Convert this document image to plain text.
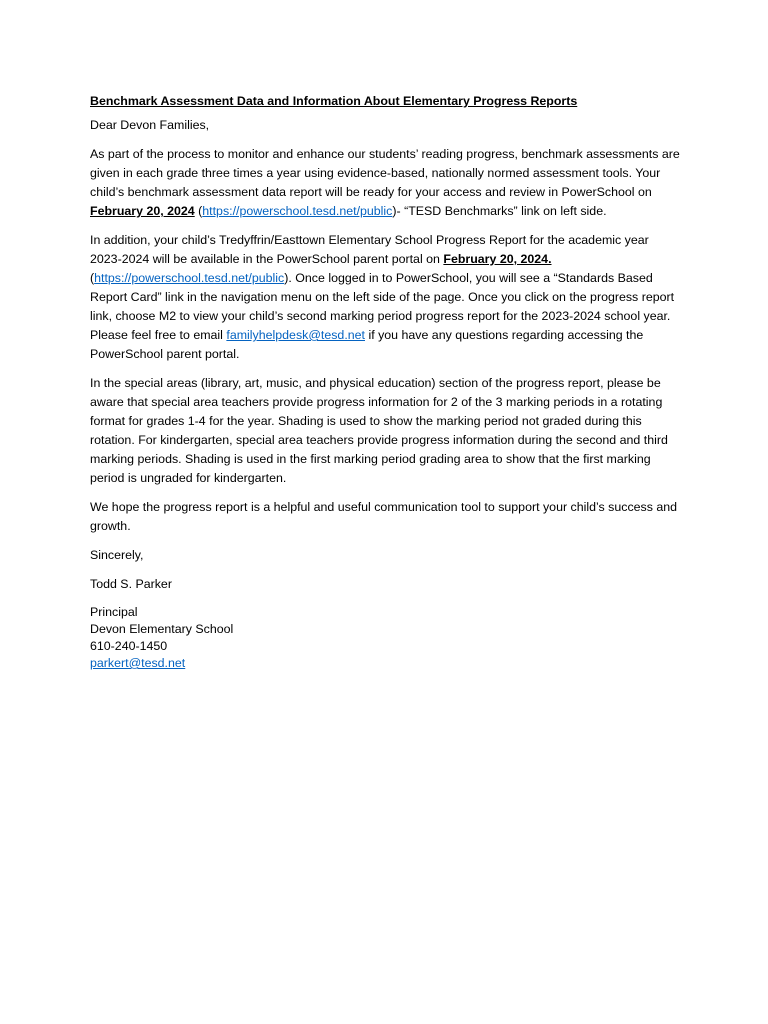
Benchmark Assessment Data and Information About Elementary Progress Reports

Dear Devon Families,

As part of the process to monitor and enhance our students’ reading progress, benchmark assessments are given in each grade three times a year using evidence-based, nationally normed assessment tools. Your child’s benchmark assessment data report will be ready for your access and review in PowerSchool on February 20, 2024 (https://powerschool.tesd.net/public)- “TESD Benchmarks” link on left side.

In addition, your child’s Tredyffrin/Easttown Elementary School Progress Report for the academic year 2023-2024 will be available in the PowerSchool parent portal on February 20, 2024. (https://powerschool.tesd.net/public). Once logged in to PowerSchool, you will see a “Standards Based Report Card” link in the navigation menu on the left side of the page. Once you click on the progress report link, choose M2 to view your child’s second marking period progress report for the 2023-2024 school year. Please feel free to email familyhelpdesk@tesd.net if you have any questions regarding accessing the PowerSchool parent portal.

In the special areas (library, art, music, and physical education) section of the progress report, please be aware that special area teachers provide progress information for 2 of the 3 marking periods in a rotating format for grades 1-4 for the year. Shading is used to show the marking period not graded during this rotation. For kindergarten, special area teachers provide progress information during the second and third marking periods. Shading is used in the first marking period grading area to show that the first marking period is ungraded for kindergarten.

We hope the progress report is a helpful and useful communication tool to support your child’s success and growth.

Sincerely,

Todd S. Parker

Principal
Devon Elementary School
610-240-1450
parkert@tesd.net
